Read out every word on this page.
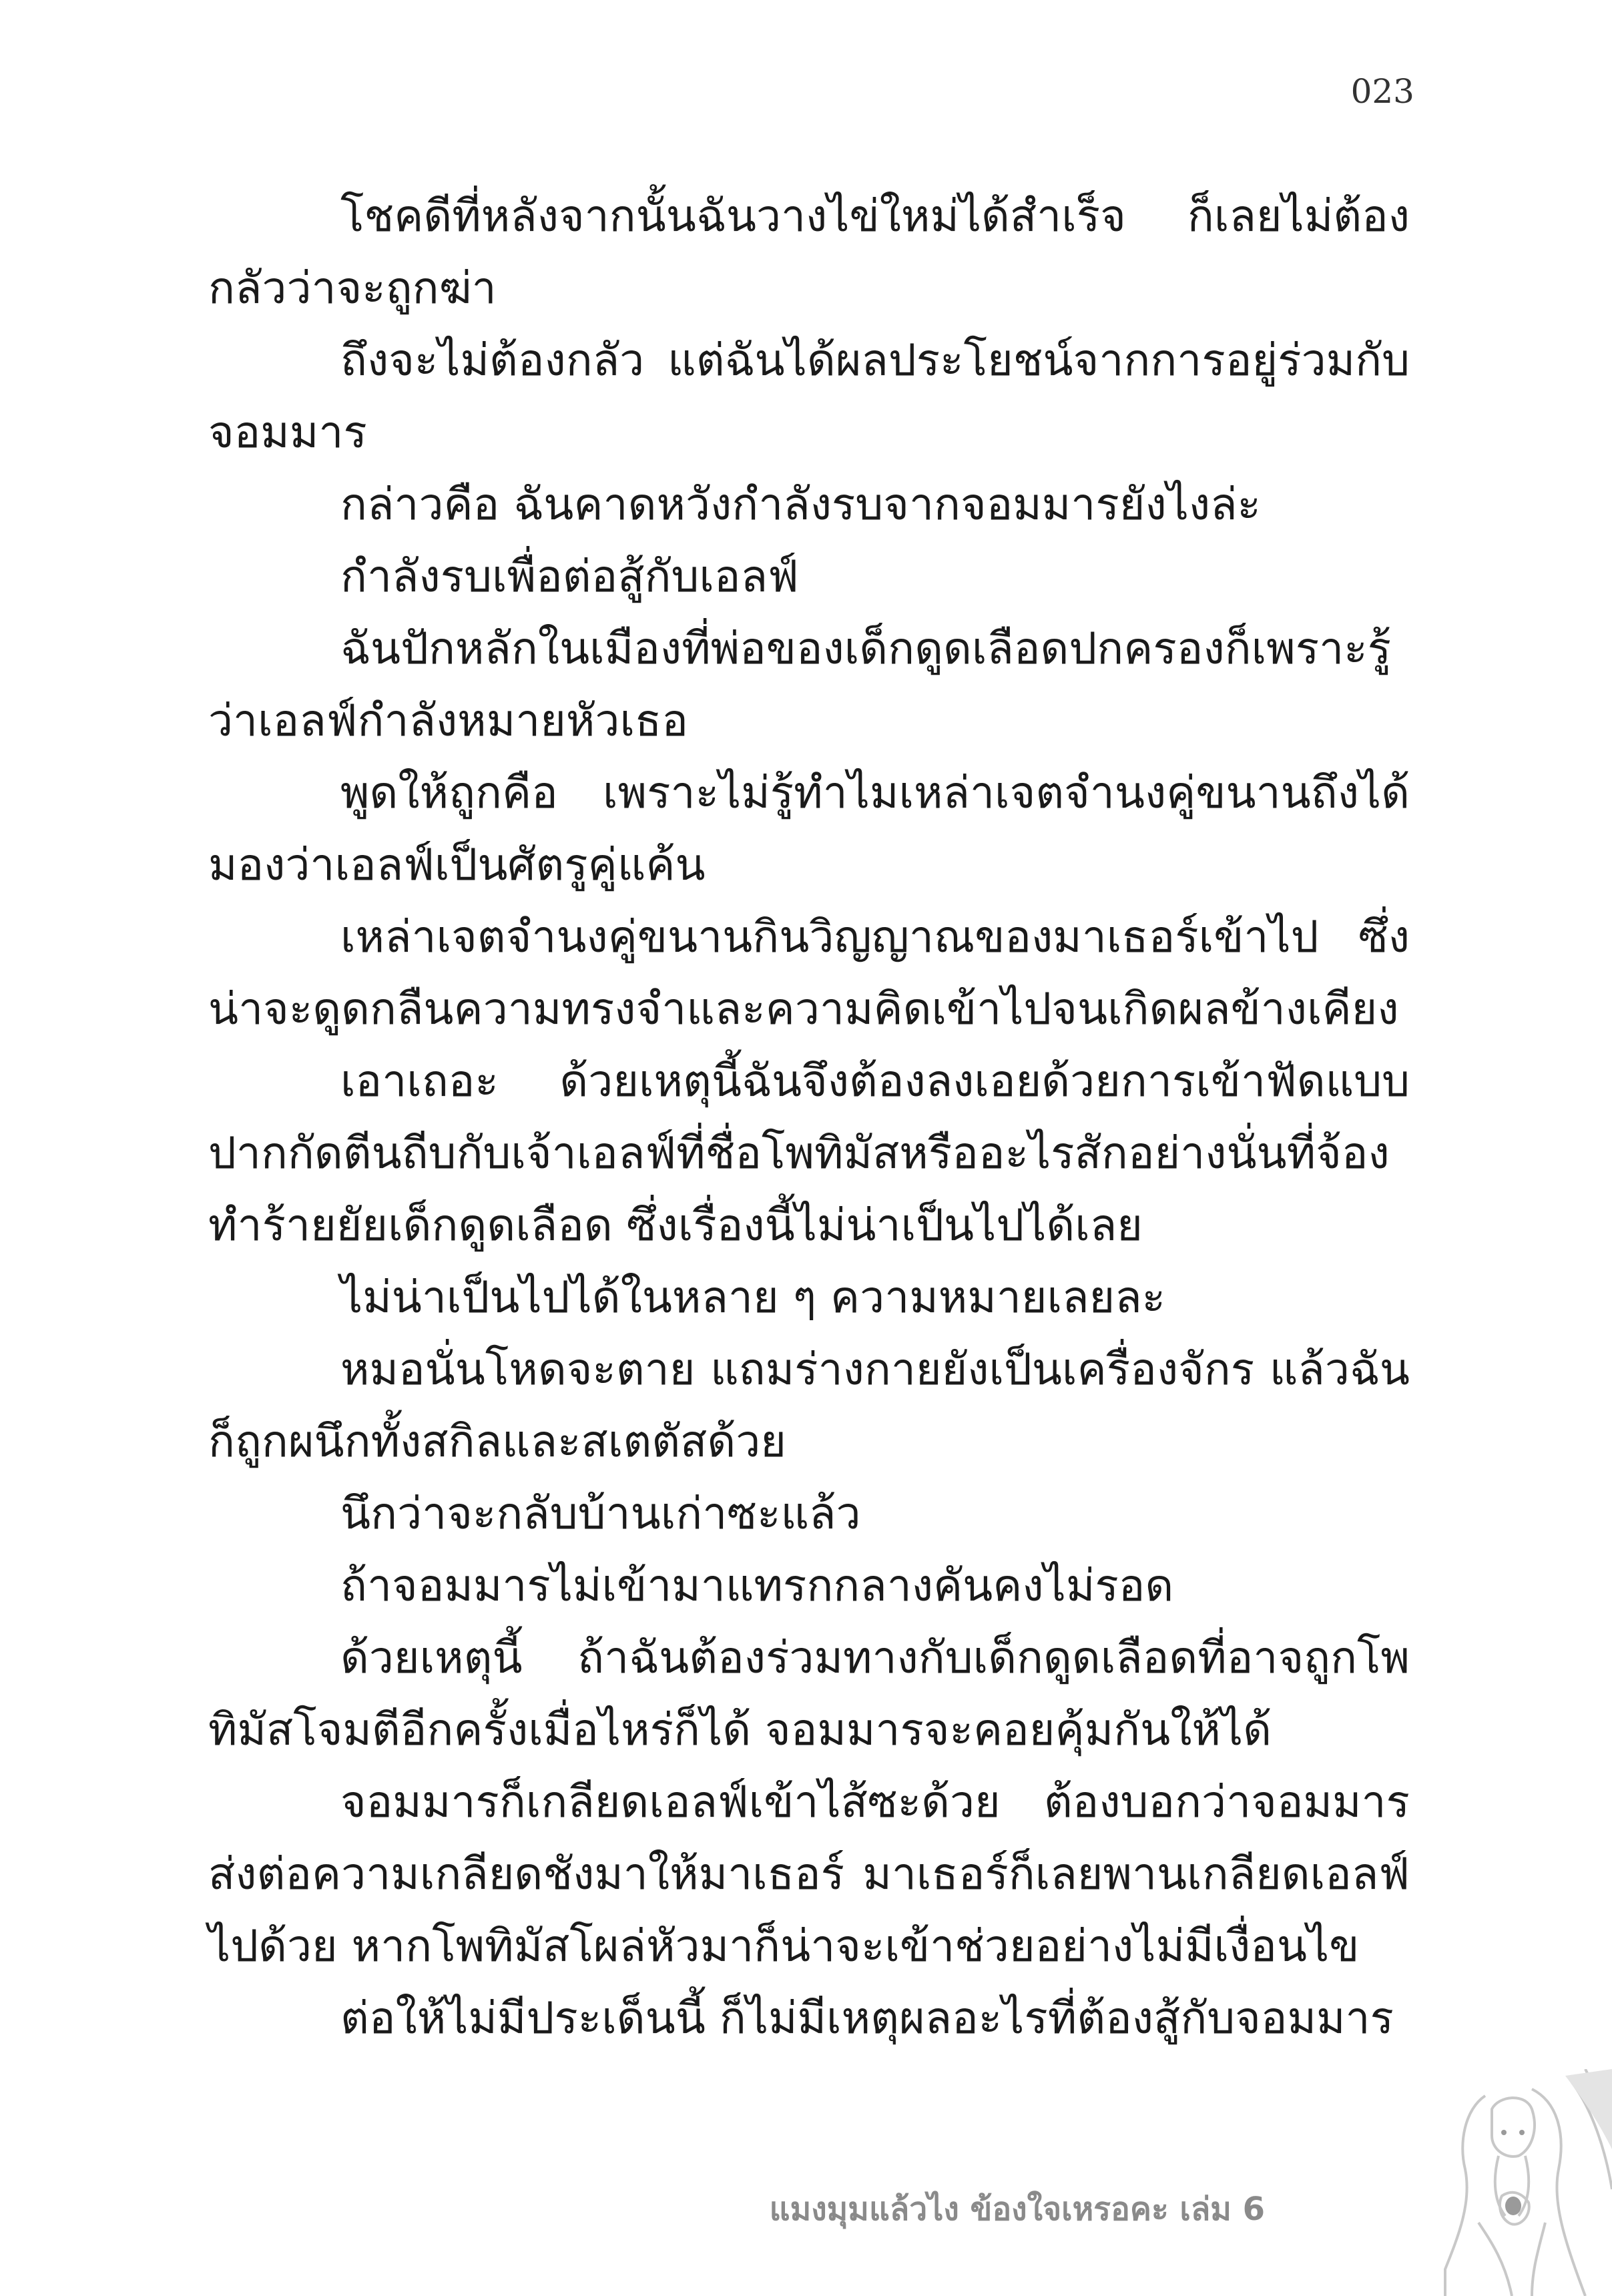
023

โชคดีที่หลังจากนั้นฉันวางไข่ใหม่ได้สำเร็จ ก็เลยไม่ต้องกลัวว่าจะถูกฆ่า

ถึงจะไม่ต้องกลัว แต่ฉันได้ผลประโยชน์จากการอยู่ร่วมกับจอมมาร

กล่าวคือ ฉันคาดหวังกำลังรบจากจอมมารยังไงล่ะ

กำลังรบเพื่อต่อสู้กับเอลฟ์

ฉันปักหลักในเมืองที่พ่อของเด็กดูดเลือดปกครองก็เพราะรู้ว่าเอลฟ์กำลังหมายหัวเธอ

พูดให้ถูกคือ เพราะไม่รู้ทำไมเหล่าเจตจำนงคู่ขนานถึงได้มองว่าเอลฟ์เป็นศัตรูคู่แค้น

เหล่าเจตจำนงคู่ขนานกินวิญญาณของมาเธอร์เข้าไป ซึ่งน่าจะดูดกลืนความทรงจำและความคิดเข้าไปจนเกิดผลข้างเคียง

เอาเถอะ ด้วยเหตุนี้ฉันจึงต้องลงเอยด้วยการเข้าฟัดแบบปากกัดตีนถีบกับเจ้าเอลฟ์ที่ชื่อโพทิมัสหรืออะไรสักอย่างนั่นที่จ้องทำร้ายยัยเด็กดูดเลือด ซึ่งเรื่องนี้ไม่น่าเป็นไปได้เลย

ไม่น่าเป็นไปได้ในหลาย ๆ ความหมายเลยละ

หมอนั่นโหดจะตาย แถมร่างกายยังเป็นเครื่องจักร แล้วฉันก็ถูกผนึกทั้งสกิลและสเตตัสด้วย

นึกว่าจะกลับบ้านเก่าซะแล้ว

ถ้าจอมมารไม่เข้ามาแทรกกลางคันคงไม่รอด

ด้วยเหตุนี้ ถ้าฉันต้องร่วมทางกับเด็กดูดเลือดที่อาจถูกโพทิมัสโจมตีอีกครั้งเมื่อไหร่ก็ได้ จอมมารจะคอยคุ้มกันให้ได้

จอมมารก็เกลียดเอลฟ์เข้าไส้ซะด้วย ต้องบอกว่าจอมมารส่งต่อความเกลียดชังมาให้มาเธอร์ มาเธอร์ก็เลยพานเกลียดเอลฟ์ไปด้วย หากโพทิมัสโผล่หัวมาก็น่าจะเข้าช่วยอย่างไม่มีเงื่อนไข

ต่อให้ไม่มีประเด็นนี้ ก็ไม่มีเหตุผลอะไรที่ต้องสู้กับจอมมาร

แมงมุมแล้วไง ข้องใจเหรอคะ เล่ม 6
